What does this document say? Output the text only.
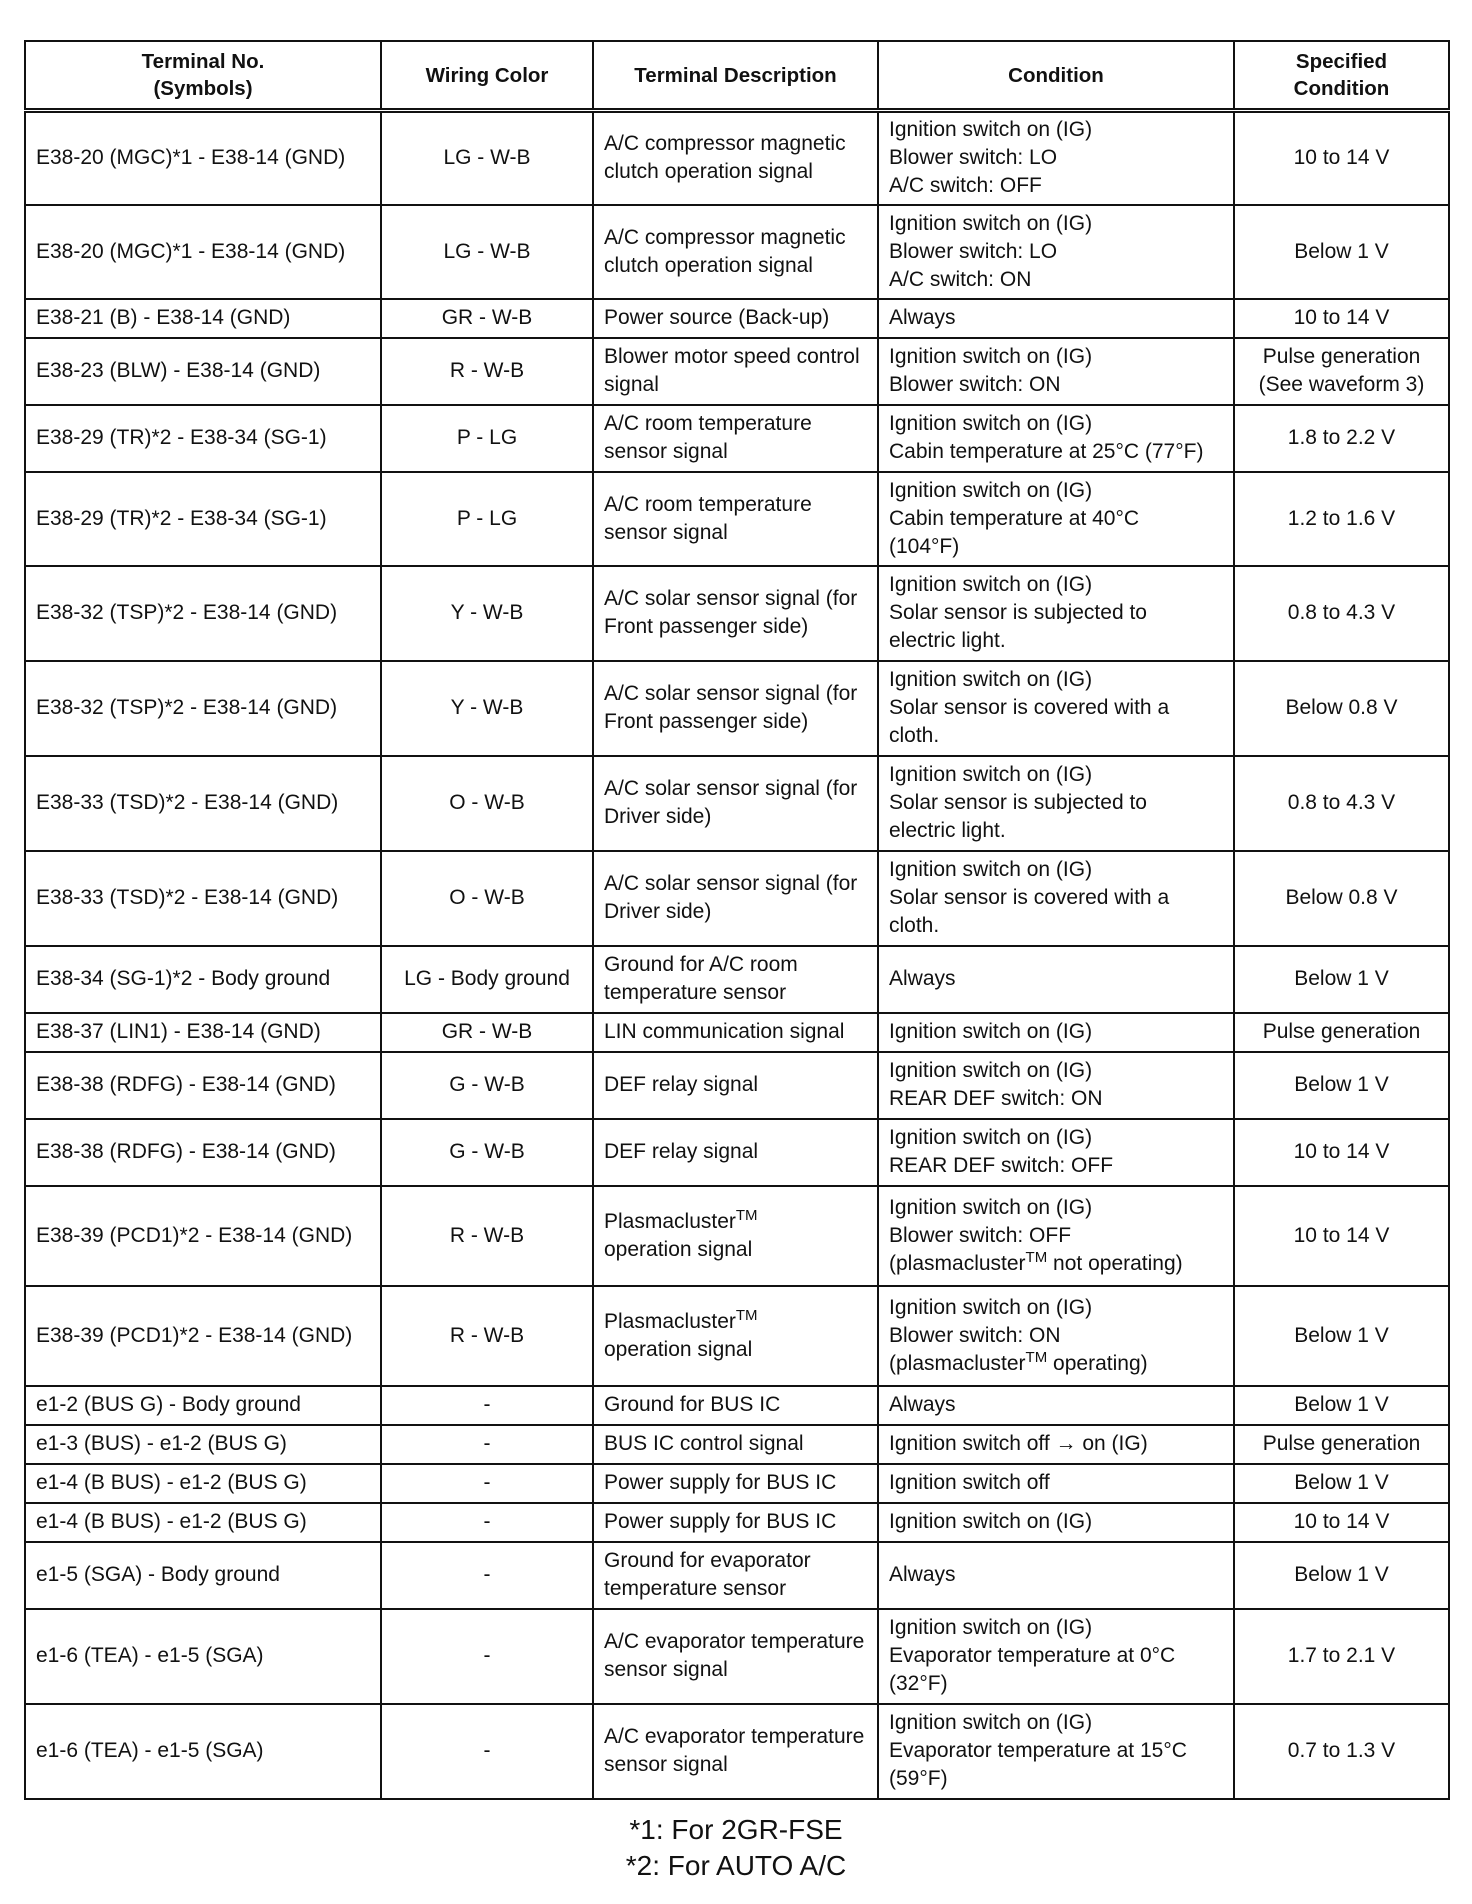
Terminal No.
(Symbols)	Wiring Color	Terminal Description	Condition	Specified
Condition
E38-20 (MGC)*1 - E38-14 (GND)	LG - W-B	A/C compressor magnetic clutch operation signal	Ignition switch on (IG)
Blower switch: LO
A/C switch: OFF	10 to 14 V
E38-20 (MGC)*1 - E38-14 (GND)	LG - W-B	A/C compressor magnetic clutch operation signal	Ignition switch on (IG)
Blower switch: LO
A/C switch: ON	Below 1 V
E38-21 (B) - E38-14 (GND)	GR - W-B	Power source (Back-up)	Always	10 to 14 V
E38-23 (BLW) - E38-14 (GND)	R - W-B	Blower motor speed control signal	Ignition switch on (IG)
Blower switch: ON	Pulse generation
(See waveform 3)
E38-29 (TR)*2 - E38-34 (SG-1)	P - LG	A/C room temperature sensor signal	Ignition switch on (IG)
Cabin temperature at 25°C (77°F)	1.8 to 2.2 V
E38-29 (TR)*2 - E38-34 (SG-1)	P - LG	A/C room temperature sensor signal	Ignition switch on (IG)
Cabin temperature at 40°C
(104°F)	1.2 to 1.6 V
E38-32 (TSP)*2 - E38-14 (GND)	Y - W-B	A/C solar sensor signal (for Front passenger side)	Ignition switch on (IG)
Solar sensor is subjected to
electric light.	0.8 to 4.3 V
E38-32 (TSP)*2 - E38-14 (GND)	Y - W-B	A/C solar sensor signal (for Front passenger side)	Ignition switch on (IG)
Solar sensor is covered with a
cloth.	Below 0.8 V
E38-33 (TSD)*2 - E38-14 (GND)	O - W-B	A/C solar sensor signal (for Driver side)	Ignition switch on (IG)
Solar sensor is subjected to
electric light.	0.8 to 4.3 V
E38-33 (TSD)*2 - E38-14 (GND)	O - W-B	A/C solar sensor signal (for Driver side)	Ignition switch on (IG)
Solar sensor is covered with a
cloth.	Below 0.8 V
E38-34 (SG-1)*2 - Body ground	LG - Body ground	Ground for A/C room temperature sensor	Always	Below 1 V
E38-37 (LIN1) - E38-14 (GND)	GR - W-B	LIN communication signal	Ignition switch on (IG)	Pulse generation
E38-38 (RDFG) - E38-14 (GND)	G - W-B	DEF relay signal	Ignition switch on (IG)
REAR DEF switch: ON	Below 1 V
E38-38 (RDFG) - E38-14 (GND)	G - W-B	DEF relay signal	Ignition switch on (IG)
REAR DEF switch: OFF	10 to 14 V
E38-39 (PCD1)*2 - E38-14 (GND)	R - W-B	Plasmacluster™
operation signal	Ignition switch on (IG)
Blower switch: OFF
(plasmacluster™ not operating)	10 to 14 V
E38-39 (PCD1)*2 - E38-14 (GND)	R - W-B	Plasmacluster™
operation signal	Ignition switch on (IG)
Blower switch: ON
(plasmacluster™ operating)	Below 1 V
e1-2 (BUS G) - Body ground	-	Ground for BUS IC	Always	Below 1 V
e1-3 (BUS) - e1-2 (BUS G)	-	BUS IC control signal	Ignition switch off → on (IG)	Pulse generation
e1-4 (B BUS) - e1-2 (BUS G)	-	Power supply for BUS IC	Ignition switch off	Below 1 V
e1-4 (B BUS) - e1-2 (BUS G)	-	Power supply for BUS IC	Ignition switch on (IG)	10 to 14 V
e1-5 (SGA) - Body ground	-	Ground for evaporator temperature sensor	Always	Below 1 V
e1-6 (TEA) - e1-5 (SGA)	-	A/C evaporator temperature sensor signal	Ignition switch on (IG)
Evaporator temperature at 0°C
(32°F)	1.7 to 2.1 V
e1-6 (TEA) - e1-5 (SGA)	-	A/C evaporator temperature sensor signal	Ignition switch on (IG)
Evaporator temperature at 15°C
(59°F)	0.7 to 1.3 V
*1: For 2GR-FSE
*2: For AUTO A/C
